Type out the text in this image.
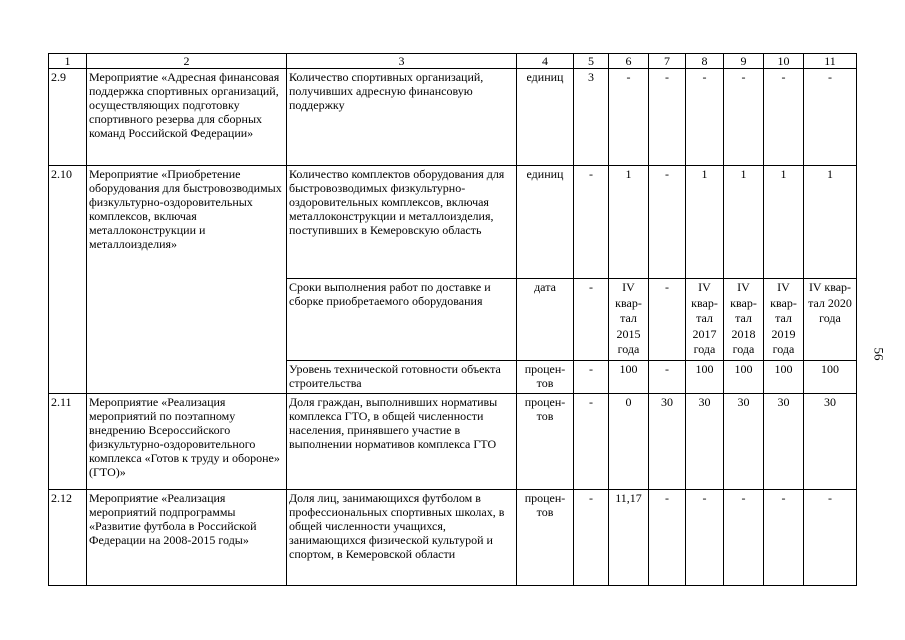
1	2	3	4	5	6	7	8	9	10	11
2.9	Мероприятие «Адресная финансовая поддержка спортивных организаций, осуществляющих подготовку спортивного резерва для сборных команд Российской Федерации»	Количество спортивных организаций, получивших адресную финансовую поддержку	единиц	3	-	-	-	-	-	-
2.10	Мероприятие «Приобретение оборудования для быстровозводимых физкультурно-оздоровительных комплексов, включая металлоконструкции и металлоизделия»	Количество комплектов оборудования для быстровозводимых физкультурно-оздоровительных комплексов, включая металлоконструкции и металлоизделия, поступивших в Кемеровскую область	единиц	-	1	-	1	1	1	1
		Сроки выполнения работ по доставке и сборке приобретаемого оборудования	дата	-	IV квар-тал 2015 года	-	IV квар-тал 2017 года	IV квар-тал 2018 года	IV квар-тал 2019 года	IV квар-тал 2020 года
		Уровень технической готовности объекта строительства	процен-тов	-	100	-	100	100	100	100
2.11	Мероприятие «Реализация мероприятий по поэтапному внедрению Всероссийского физкультурно-оздоровительного комплекса «Готов к труду и обороне» (ГТО)»	Доля граждан, выполнивших нормативы комплекса ГТО, в общей численности населения, принявшего участие в выполнении нормативов комплекса ГТО	процен-тов	-	0	30	30	30	30	30
2.12	Мероприятие «Реализация мероприятий подпрограммы «Развитие футбола в Российской Федерации на 2008-2015 годы»	Доля лиц, занимающихся футболом в профессиональных спортивных школах, в общей численности учащихся, занимающихся физической культурой и спортом, в Кемеровской области	процен-тов	-	11,17	-	-	-	-	-
56
